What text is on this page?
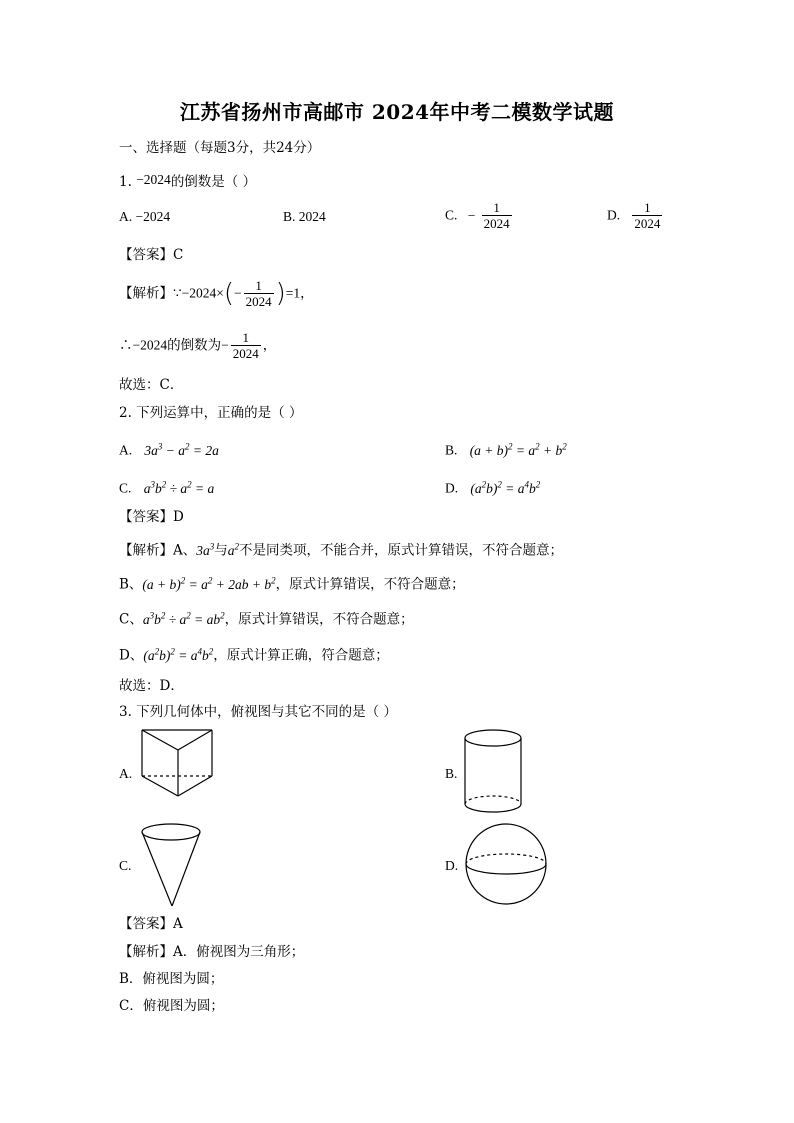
江苏省扬州市高邮市 2024年中考二模数学试题
一、选择题（每题3分，共24分）
1. −2024的倒数是（ ）
A. −2024	B. 2024	C. − $\frac{1}{2024}$	D. $\frac{1}{2024}$
【答案】C
【解析】∵−2024×(− $\frac{1}{2024} )=1$，
∴−2024的倒数为− $\frac{1}{2024}$ ，
故选：C．
2. 下列运算中，正确的是（ ）
A. $3a^3 - a^2 = 2a$	B. $(a + b)^2 = a^2 + b^2$
C. $a^3b^2 \div a^2 = a$	D. $(a^2b)^2 = a^4b^2$
【答案】D
【解析】A、$3a^3$与$a^2$不是同类项，不能合并，原式计算错误，不符合题意；
B、$(a + b)^2 = a^2 + 2ab + b^2$，原式计算错误，不符合题意；
C、$a^3b^2 \div a^2 = ab^2$，原式计算错误，不符合题意；
D、$(a^2b)^2 = a^4b^2$，原式计算正确，符合题意；
故选：D．
3. 下列几何体中，俯视图与其它不同的是（ ）
A.	B.
C.	D.
【答案】A
【解析】A．俯视图为三角形；
B．俯视图为圆；
C．俯视图为圆；
